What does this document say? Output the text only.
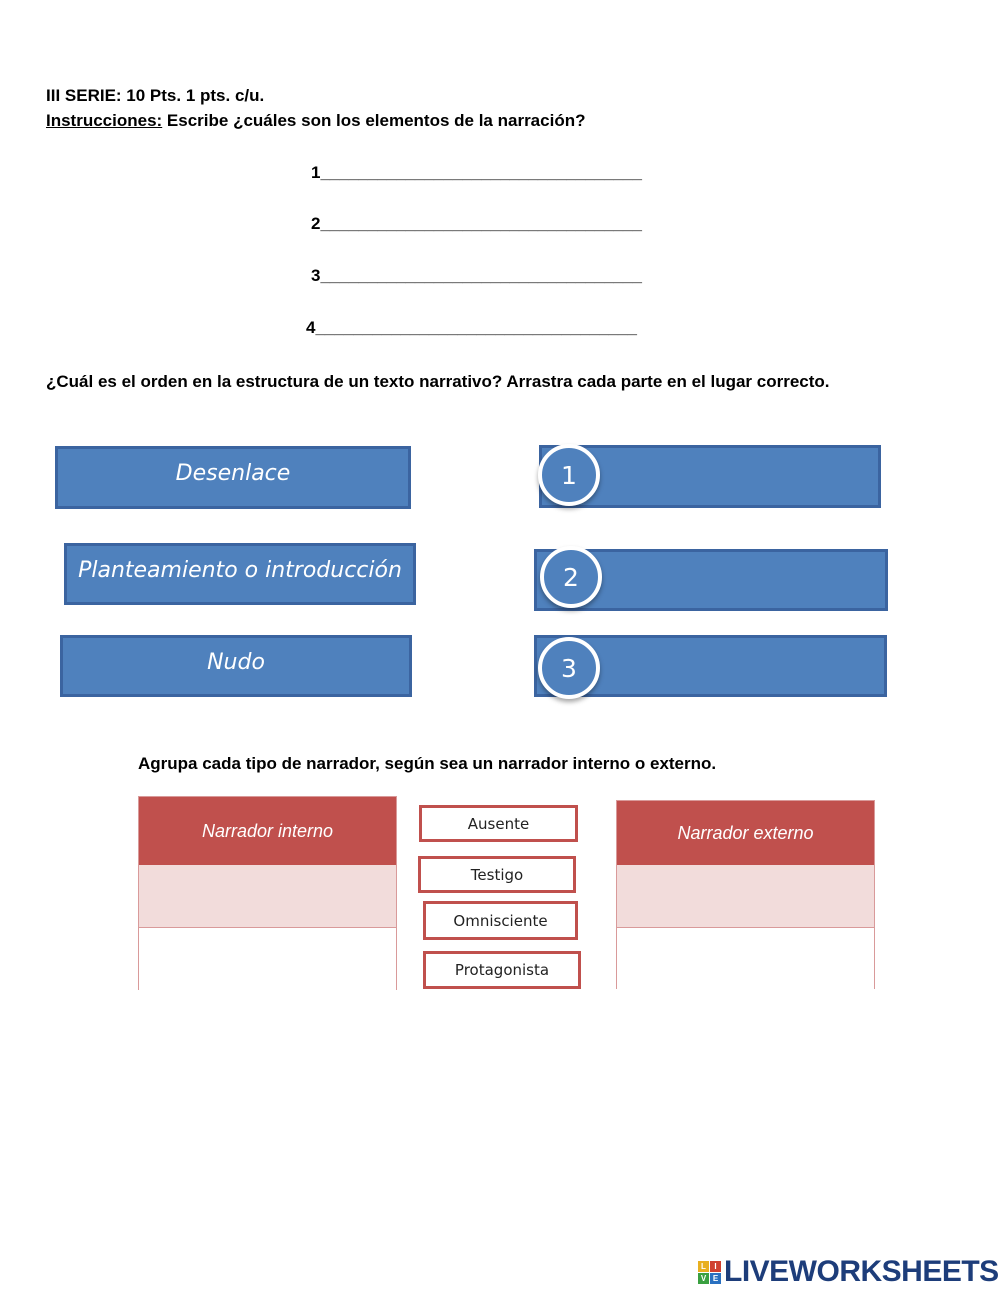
III SERIE: 10 Pts. 1 pts. c/u.
Instrucciones: Escribe ¿cuáles son los elementos de la narración?
1__________________________________
2__________________________________
3__________________________________
4__________________________________
¿Cuál es el orden en la estructura de un texto narrativo? Arrastra cada parte en el lugar correcto.
Desenlace
Planteamiento o introducción
Nudo
1
2
3
Agrupa cada tipo de narrador, según sea un narrador interno o externo.
Narrador interno	Narrador externo
Ausente
Testigo
Omnisciente
Protagonista
L	I
V E LIVEWORKSHEETS
